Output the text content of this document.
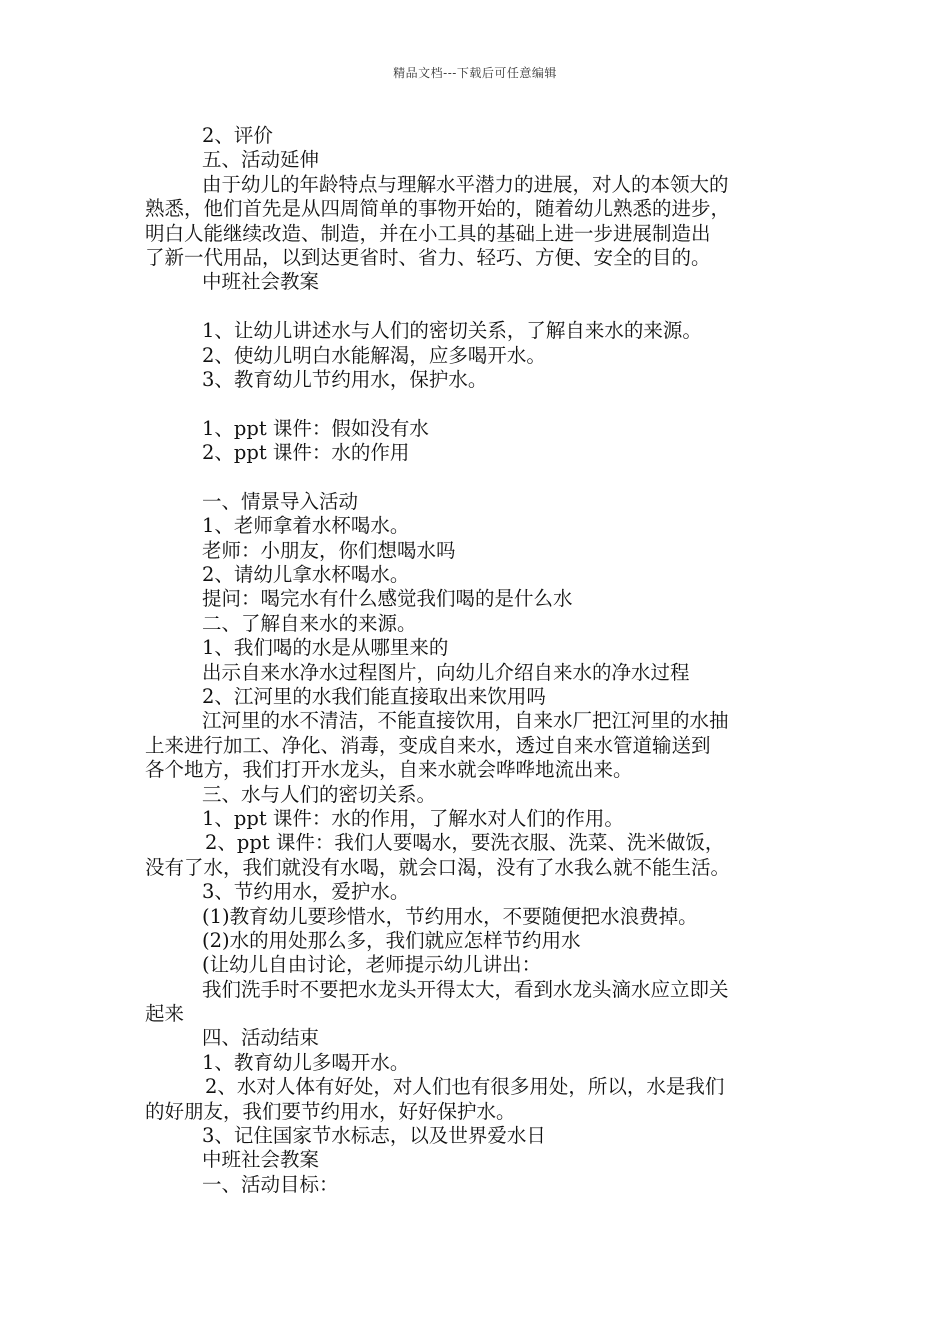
精品文档---下载后可任意编辑
2、评价
五、活动延伸
由于幼儿的年龄特点与理解水平潜力的进展，对人的本领大的
熟悉，他们首先是从四周简单的事物开始的，随着幼儿熟悉的进步，
明白人能继续改造、制造，并在小工具的基础上进一步进展制造出
了新一代用品，以到达更省时、省力、轻巧、方便、安全的目的。
中班社会教案
1、让幼儿讲述水与人们的密切关系，了解自来水的来源。
2、使幼儿明白水能解渴，应多喝开水。
3、教育幼儿节约用水，保护水。
1、ppt 课件：假如没有水
2、ppt 课件：水的作用
一、情景导入活动
1、老师拿着水杯喝水。
老师：小朋友，你们想喝水吗
2、请幼儿拿水杯喝水。
提问：喝完水有什么感觉我们喝的是什么水
二、了解自来水的来源。
1、我们喝的水是从哪里来的
出示自来水净水过程图片，向幼儿介绍自来水的净水过程
2、江河里的水我们能直接取出来饮用吗
江河里的水不清洁，不能直接饮用，自来水厂把江河里的水抽
上来进行加工、净化、消毒，变成自来水，透过自来水管道输送到
各个地方，我们打开水龙头，自来水就会哗哗地流出来。
三、水与人们的密切关系。
1、ppt 课件：水的作用，了解水对人们的作用。
2、ppt 课件：我们人要喝水，要洗衣服、洗菜、洗米做饭，
没有了水，我们就没有水喝，就会口渴，没有了水我么就不能生活。
3、节约用水，爱护水。
(1)教育幼儿要珍惜水，节约用水，不要随便把水浪费掉。
(2)水的用处那么多，我们就应怎样节约用水
(让幼儿自由讨论，老师提示幼儿讲出：
我们洗手时不要把水龙头开得太大，看到水龙头滴水应立即关
起来
四、活动结束
1、教育幼儿多喝开水。
2、水对人体有好处，对人们也有很多用处，所以，水是我们
的好朋友，我们要节约用水，好好保护水。
3、记住国家节水标志，以及世界爱水日
中班社会教案
一、活动目标：
